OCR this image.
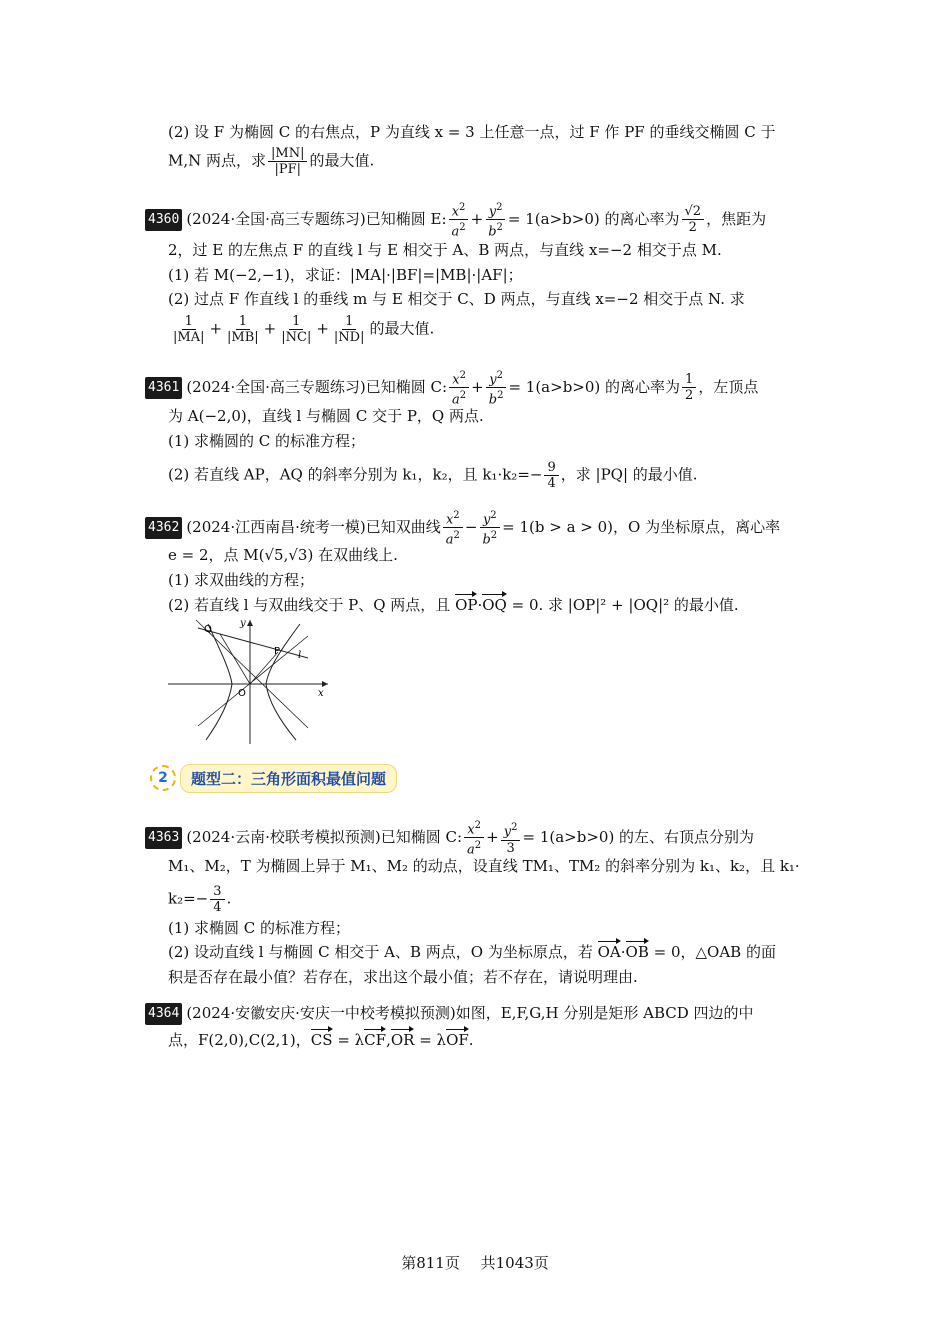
(2) 设 F 为椭圆 C 的右焦点，P 为直线 x = 3 上任意一点，过 F 作 PF 的垂线交椭圆 C 于
M,N 两点，求 $\frac{|MN|}{|PF|}$ 的最大值.
4360 (2024·全国·高三专题练习)已知椭圆 E: $\frac{x^2}{a^2} + \frac{y^2}{b^2} = 1(a>b>0)$ 的离心率为 $\frac{√2}{2}$ ，焦距为
2，过 E 的左焦点 F 的直线 l 与 E 相交于 A、B 两点，与直线 x=−2 相交于点 M.
(1) 若 M(−2,−1)，求证：|MA|·|BF|=|MB|·|AF|；
(2) 过点 F 作直线 l 的垂线 m 与 E 相交于 C、D 两点，与直线 x=−2 相交于点 N. 求
$\frac{1}{|MA|} + \frac{1}{|MB|} + \frac{1}{|NC|} + \frac{1}{|ND|}$ 的最大值.
4361 (2024·全国·高三专题练习)已知椭圆 C: $\frac{x^2}{a^2} + \frac{y^2}{b^2} = 1(a>b>0)$ 的离心率为 $\frac{1}{2}$ ，左顶点
为 A(−2,0)，直线 l 与椭圆 C 交于 P，Q 两点.
(1) 求椭圆的 C 的标准方程；
(2) 若直线 AP，AQ 的斜率分别为 k₁，k₂，且 $k_1\cdot k_2=- \frac{9}{4}$ ，求 |PQ| 的最小值.
4362 (2024·江西南昌·统考一模)已知双曲线 $\frac{x^2}{a^2} - \frac{y^2}{b^2} = 1(b > a > 0)$，O 为坐标原点，离心率
e = 2，点 M(√5,√3) 在双曲线上.
(1) 求双曲线的方程；
(2) 若直线 l 与双曲线交于 P、Q 两点，且 OP·OQ = 0. 求 |OP|² + |OQ|² 的最小值.
Q
y
P l
O	x
2	题型二：三角形面积最值问题
4363 (2024·云南·校联考模拟预测)已知椭圆 C: $\frac{x^2}{a^2} + \frac{y^2}{3} = 1(a>b>0)$ 的左、右顶点分别为
M₁、M₂，T 为椭圆上异于 M₁、M₂ 的动点，设直线 TM₁、TM₂ 的斜率分别为 k₁、k₂，且 k₁·
$k_2=- \frac{3}{4}$ .
(1) 求椭圆 C 的标准方程；
(2) 设动直线 l 与椭圆 C 相交于 A、B 两点，O 为坐标原点，若 OA·OB = 0，△OAB 的面
积是否存在最小值？若存在，求出这个最小值；若不存在，请说明理由.
4364 (2024·安徽安庆·安庆一中校考模拟预测)如图，E,F,G,H 分别是矩形 ABCD 四边的中
点，F(2,0),C(2,1)，CS = λCF,OR = λOF.
第811页 共1043页
